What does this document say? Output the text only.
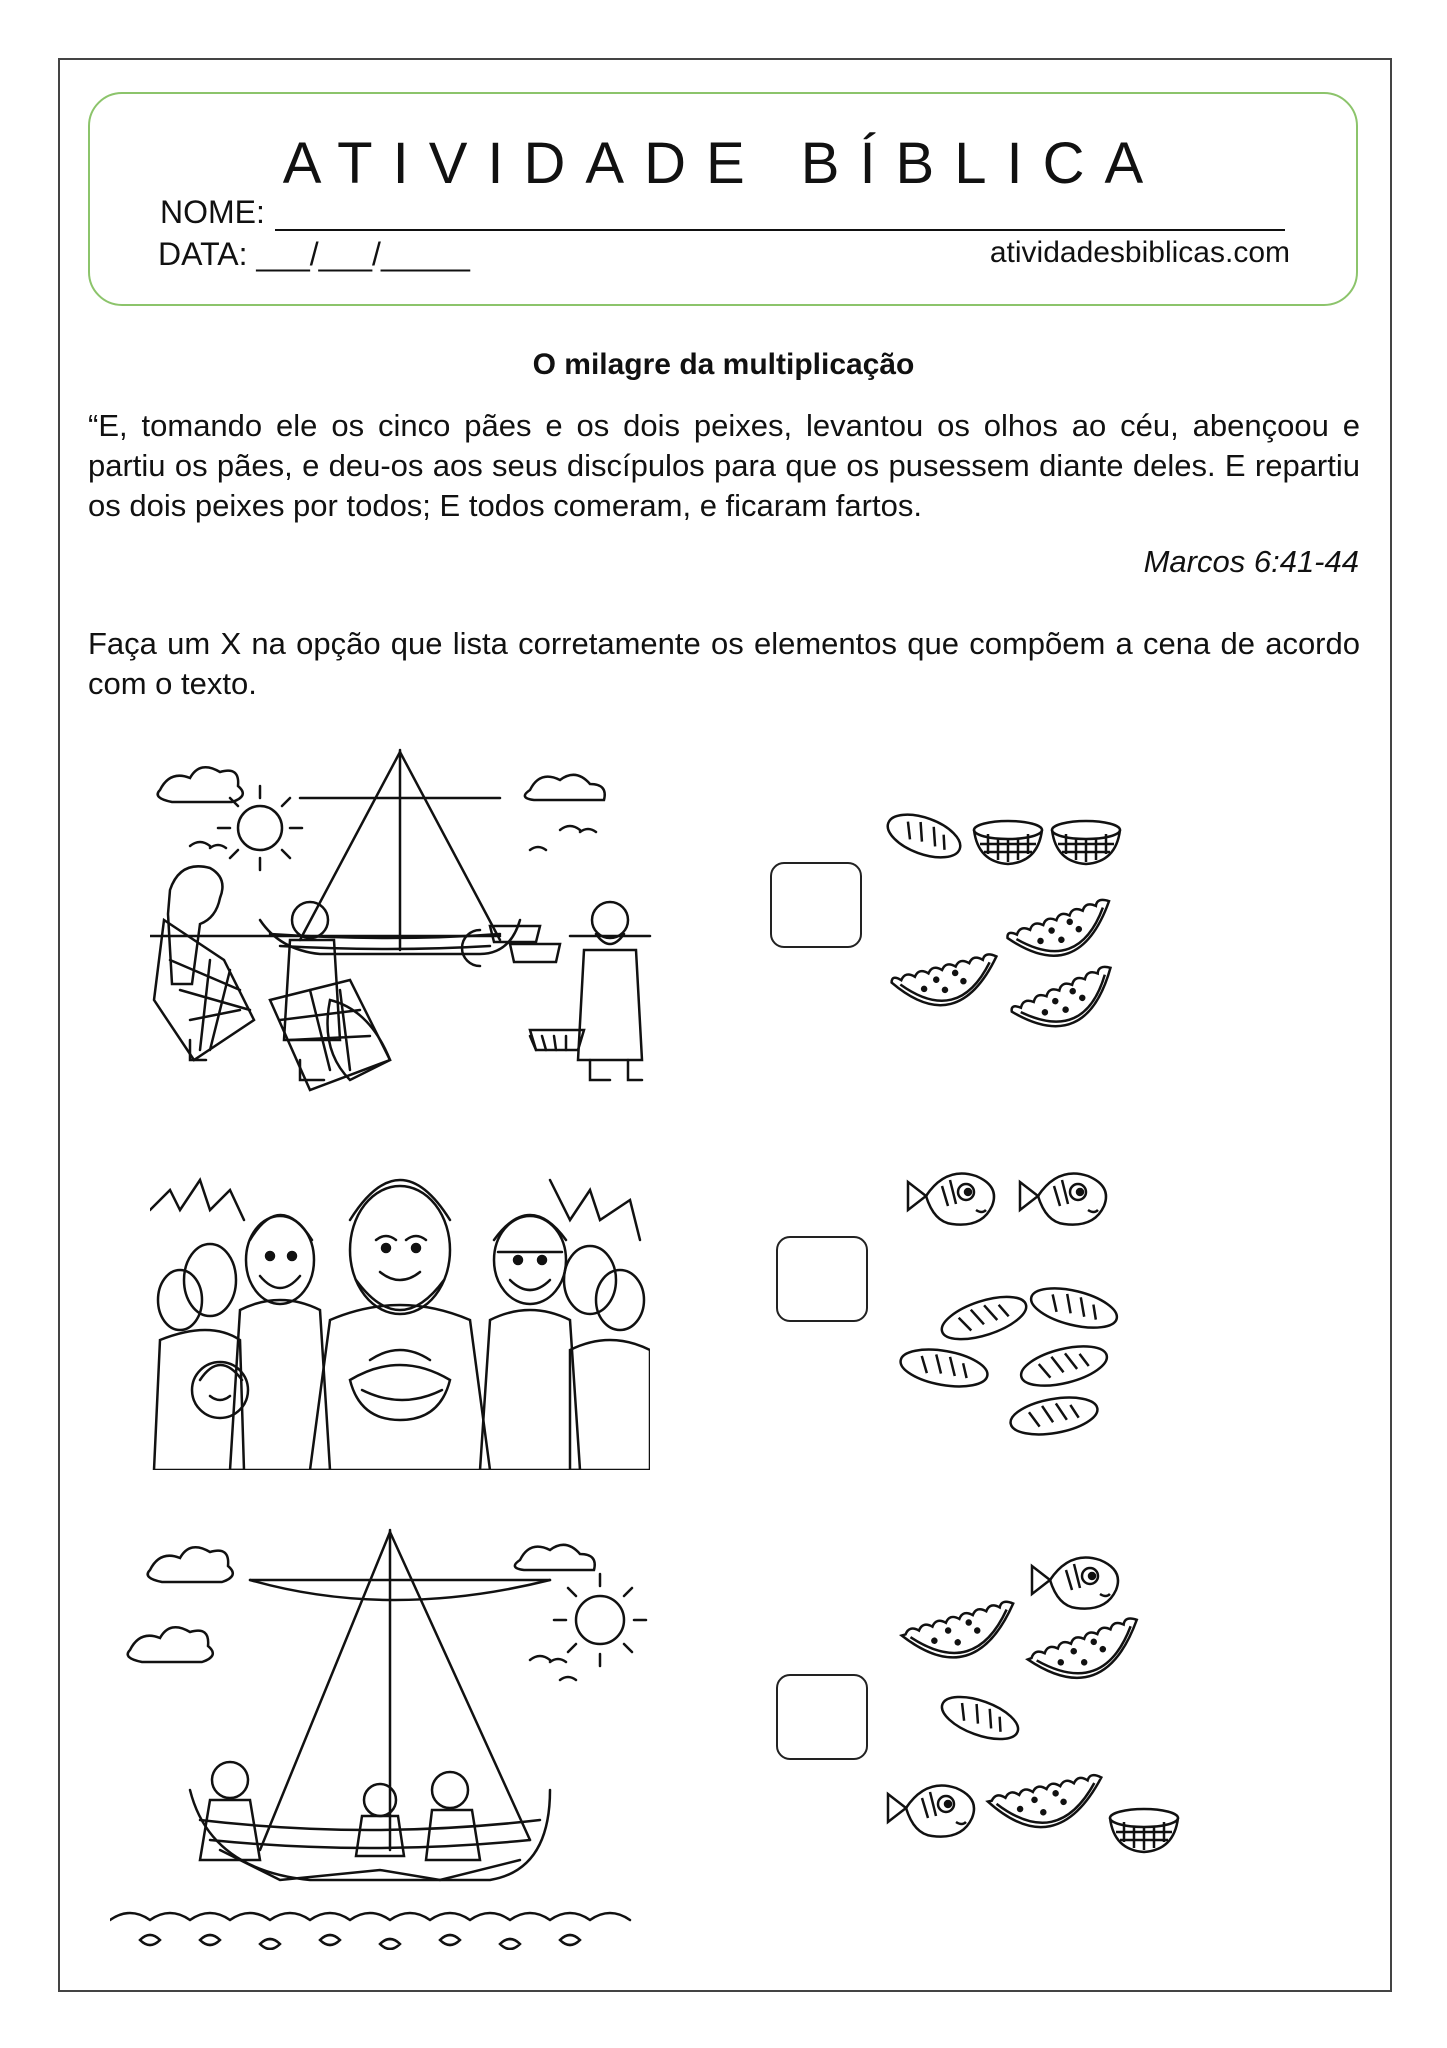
ATIVIDADE BÍBLICA
NOME:
DATA: ___/___/_____	atividadesbiblicas.com
O milagre da multiplicação
“E, tomando ele os cinco pães e os dois peixes, levantou os olhos ao céu, abençoou e partiu os pães, e deu-os aos seus discípulos para que os pusessem diante deles. E repartiu os dois peixes por todos; E todos comeram, e ficaram fartos.
Marcos 6:41-44
Faça um X na opção que lista corretamente os elementos que compõem a cena de acordo com o texto.
